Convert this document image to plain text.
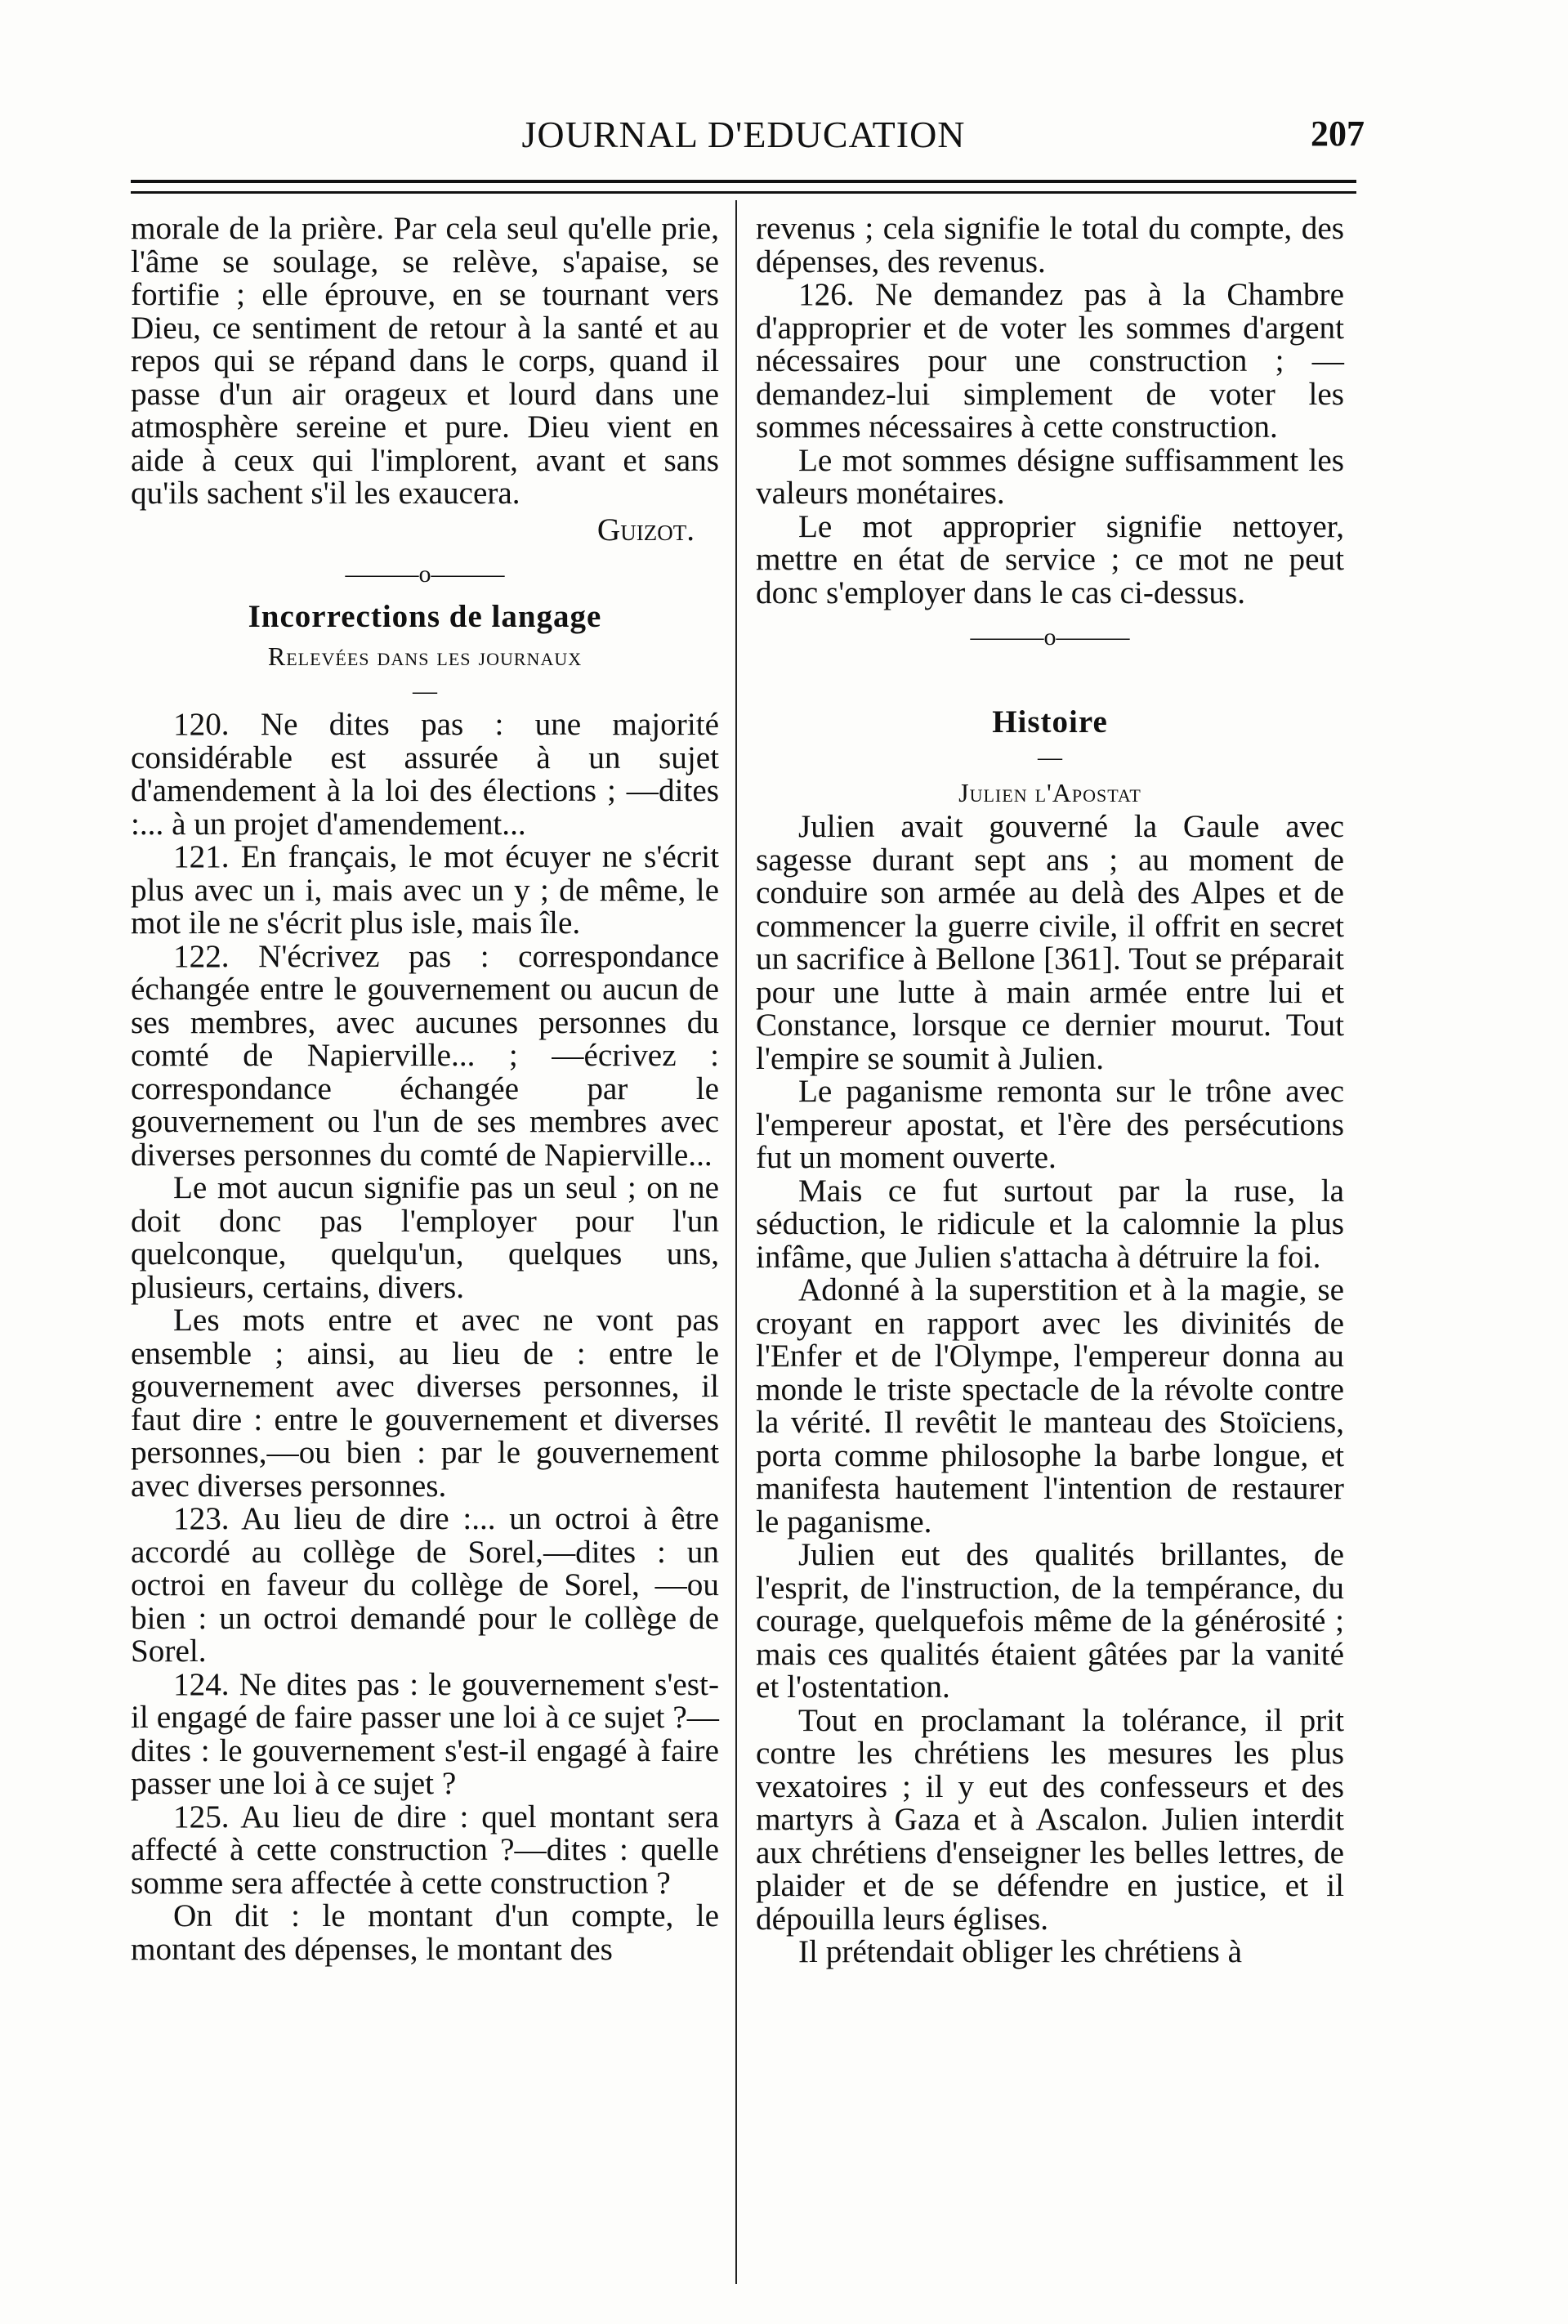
JOURNAL D'EDUCATION	207

morale de la prière. Par cela seul qu'elle prie, l'âme se soulage, se relève, s'apaise, se fortifie ; elle éprouve, en se tournant vers Dieu, ce sentiment de retour à la santé et au repos qui se répand dans le corps, quand il passe d'un air orageux et lourd dans une atmosphère sereine et pure. Dieu vient en aide à ceux qui l'implorent, avant et sans qu'ils sachent s'il les exaucera.

Guizot.

———o———
Incorrections de langage
Relevées dans les journaux
—

120. Ne dites pas : une majorité considérable est assurée à un sujet d'amendement à la loi des élections ; —dites :... à un projet d'amendement...

121. En français, le mot écuyer ne s'écrit plus avec un i, mais avec un y ; de même, le mot ile ne s'écrit plus isle, mais île.

122. N'écrivez pas : correspondance échangée entre le gouvernement ou aucun de ses membres, avec aucunes personnes du comté de Napierville... ; —écrivez : correspondance échangée par le gouvernement ou l'un de ses membres avec diverses personnes du comté de Napierville...

Le mot aucun signifie pas un seul ; on ne doit donc pas l'employer pour l'un quelconque, quelqu'un, quelques uns, plusieurs, certains, divers.

Les mots entre et avec ne vont pas ensemble ; ainsi, au lieu de : entre le gouvernement avec diverses personnes, il faut dire : entre le gouvernement et diverses personnes,—ou bien : par le gouvernement avec diverses personnes.

123. Au lieu de dire :... un octroi à être accordé au collège de Sorel,—dites : un octroi en faveur du collège de Sorel, —ou bien : un octroi demandé pour le collège de Sorel.

124. Ne dites pas : le gouvernement s'est-il engagé de faire passer une loi à ce sujet ?—dites : le gouvernement s'est-il engagé à faire passer une loi à ce sujet ?

125. Au lieu de dire : quel montant sera affecté à cette construction ?—dites : quelle somme sera affectée à cette construction ?

On dit : le montant d'un compte, le montant des dépenses, le montant des

revenus ; cela signifie le total du compte, des dépenses, des revenus.

126. Ne demandez pas à la Chambre d'approprier et de voter les sommes d'argent nécessaires pour une construction ; —demandez-lui simplement de voter les sommes nécessaires à cette construction.

Le mot sommes désigne suffisamment les valeurs monétaires.

Le mot approprier signifie nettoyer, mettre en état de service ; ce mot ne peut donc s'employer dans le cas ci-dessus.

———o———
Histoire
—
Julien l'Apostat

Julien avait gouverné la Gaule avec sagesse durant sept ans ; au moment de conduire son armée au delà des Alpes et de commencer la guerre civile, il offrit en secret un sacrifice à Bellone [361]. Tout se préparait pour une lutte à main armée entre lui et Constance, lorsque ce dernier mourut. Tout l'empire se soumit à Julien.

Le paganisme remonta sur le trône avec l'empereur apostat, et l'ère des persécutions fut un moment ouverte.

Mais ce fut surtout par la ruse, la séduction, le ridicule et la calomnie la plus infâme, que Julien s'attacha à détruire la foi.

Adonné à la superstition et à la magie, se croyant en rapport avec les divinités de l'Enfer et de l'Olympe, l'empereur donna au monde le triste spectacle de la révolte contre la vérité. Il revêtit le manteau des Stoïciens, porta comme philosophe la barbe longue, et manifesta hautement l'intention de restaurer le paganisme.

Julien eut des qualités brillantes, de l'esprit, de l'instruction, de la tempérance, du courage, quelquefois même de la générosité ; mais ces qualités étaient gâtées par la vanité et l'ostentation.

Tout en proclamant la tolérance, il prit contre les chrétiens les mesures les plus vexatoires ; il y eut des confesseurs et des martyrs à Gaza et à Ascalon. Julien interdit aux chrétiens d'enseigner les belles lettres, de plaider et de se défendre en justice, et il dépouilla leurs églises.

Il prétendait obliger les chrétiens à
